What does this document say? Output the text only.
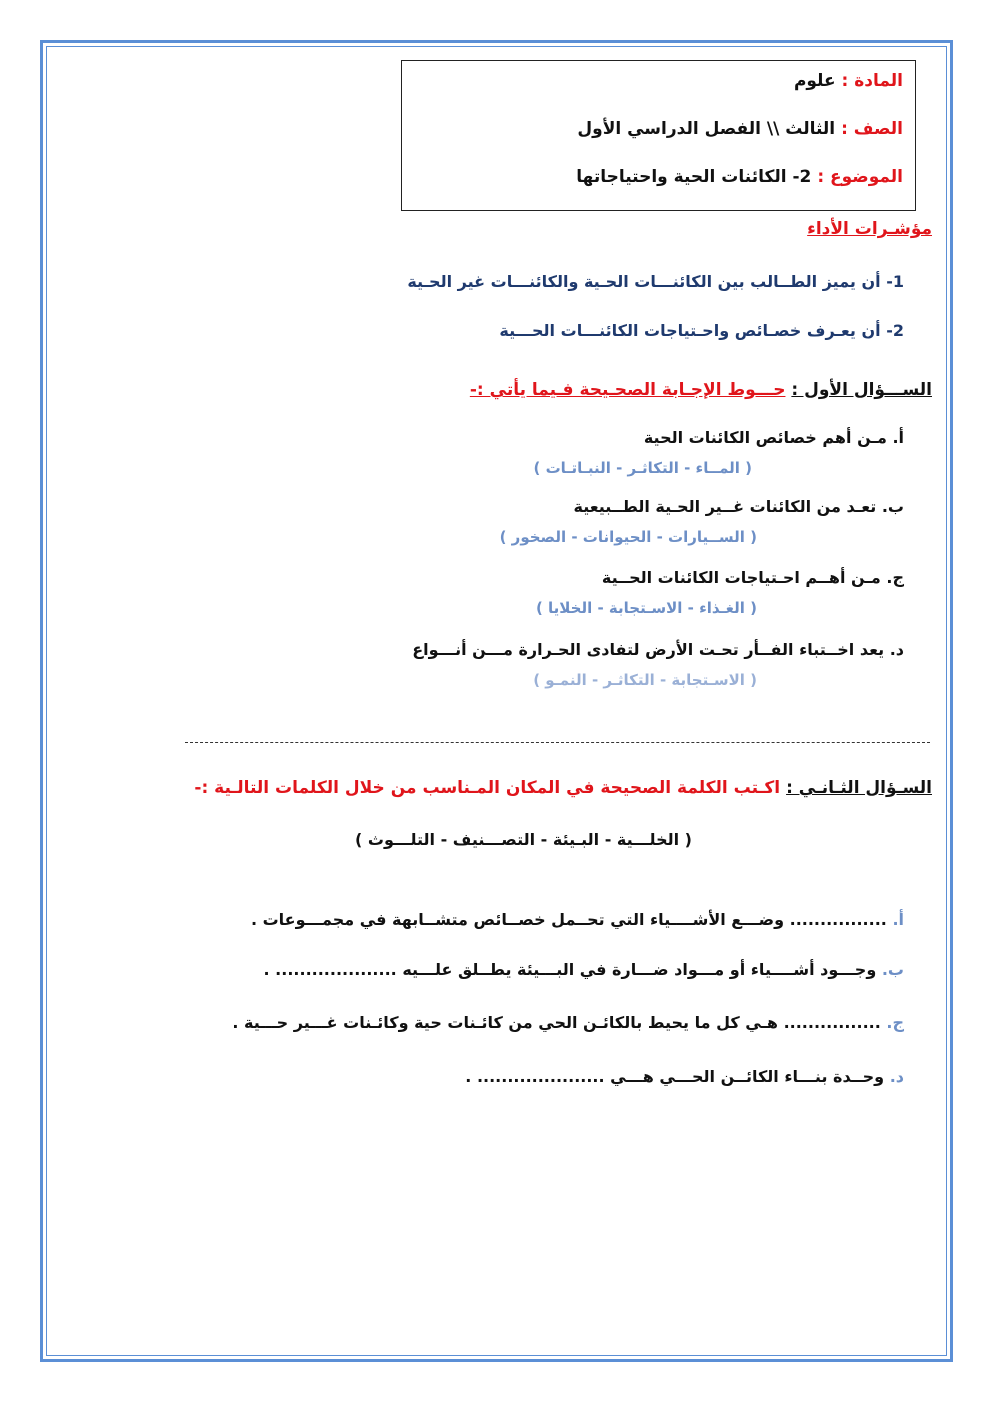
المادة : علوم
الصف : الثالث \\ الفصل الدراسي الأول
الموضوع : 2- الكائنات الحية واحتياجاتها
مؤشـرات الأداء
1- أن يميز الطــالب بين الكائنـــات الحـية والكائنـــات غير الحـية
2- أن يعـرف خصـائص واحـتياجات الكائنـــات الحـــية
الســـؤال الأول : حـــوط الإجـابة الصحـيحة فـيما يأتي :-
أ. مـن أهم خصائص الكائنات الحية
( المــاء - التكاثـر - النبـاتـات )
ب. تعـد من الكائنات غــير الحـية الطــبيعية
( الســيارات - الحيوانات - الصخور )
ج. مـن أهــم احـتياجات الكائنات الحــية
( الغـذاء - الاسـتجابة - الخلايا )
د. يعد اخــتباء الفــأر تحـت الأرض لتفادى الحـرارة مـــن أنـــواع
( الاسـتجابة - التكاثـر - النمـو )
السـؤال الثـانـي : اكـتب الكلمة الصحيحة في المكان المـناسب من خلال الكلمات التالـية :-
( الخلـــية - البـيئة - التصـــنيف - التلـــوث )
أ. ................ وضـــع الأشــــياء التي تحــمل خصــائص متشــابهة في مجمـــوعات .
ب. وجـــود أشــــياء أو مـــواد ضـــارة في البـــيئة يطــلق علـــيه .................... .
ج. ................ هـي كل ما يحيط بالكائـن الحي من كائـنات حية وكائـنات غـــير حـــية .
د. وحــدة بنـــاء الكائــن الحـــي هـــي ..................... .
